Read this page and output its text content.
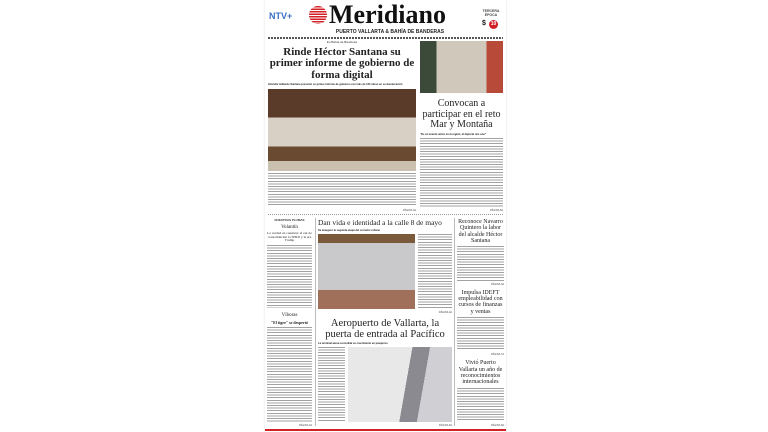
NTV+ Meridiano
PUERTO VALLARTA & BAHÍA DE BANDERAS
TERCERA ÉPOCA
$ 10
En Bahía de Banderas
Rinde Héctor Santana su primer informe de gobierno de forma digital
Glorielle Gallardo Santana presentó su primer informe de gobierno con más de 100 obras en su demarcación
PÁGINA 3A
Convocan a participar en el reto Mar y Montaña
"Es un evento único en la región, el deporte nos une"
PÁGINA 5A
NUESTRAS PLUMAS
Volantín
La verdad en cuestión: el eur de consolidación la SHCP y la era Trump
Víboras
"El tigre" se despertó
PÁGINA 2A
Dan vida e identidad a la calle 8 de mayo
Se inauguró la segunda etapa del corredor urbano
PÁGINA 4A
Aeropuerto de Vallarta, la puerta de entrada al Pacífico
La terminal aérea consolida su crecimiento en pasajeros
PÁGINA 6A
Reconoce Navarro Quintero la labor del alcalde Héctor Santana
PÁGINA 3A
Impulsa IDEFT empleabilidad con cursos de finanzas y ventas
PÁGINA 7A
Vivió Puerto Vallarta un año de reconocimientos internacionales
PÁGINA 8A
